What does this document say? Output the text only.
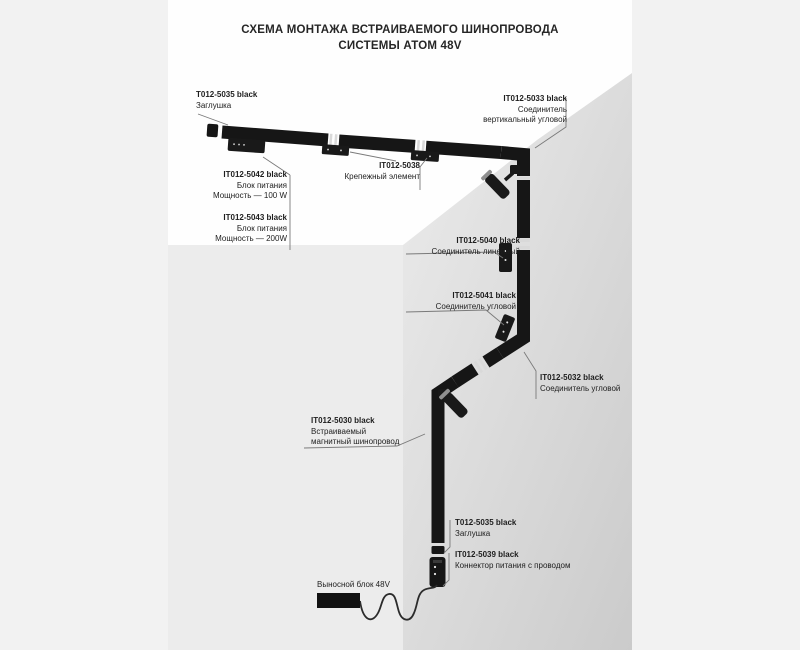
СХЕМА МОНТАЖА ВСТРАИВАЕМОГО ШИНОПРОВОДА
СИСТЕМЫ АТОМ 48V
T012-5035 black
Заглушка
IT012-5033 black
Соединитель
вертикальный угловой
IT012-5042 black
Блок питания
Мощность — 100 W
IT012-5043 black
Блок питания
Мощность — 200W
IT012-5038
Крепежный элемент
IT012-5040 black
Соединитель линейный
IT012-5041 black
Соединитель угловой
IT012-5032 black
Соединитель угловой
IT012-5030 black
Встраиваемый
магнитный шинопровод
T012-5035 black
Заглушка
IT012-5039 black
Коннектор питания с проводом
Выносной блок 48V
